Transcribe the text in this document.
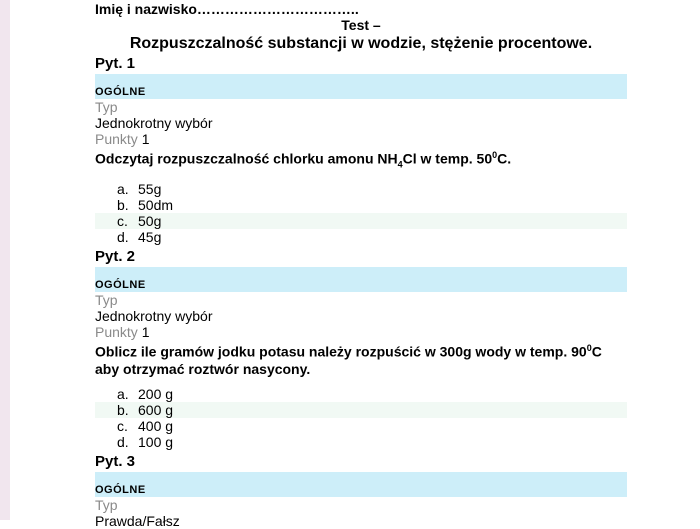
Imię i nazwisko……………………………..
Test –
Rozpuszczalność substancji w wodzie, stężenie procentowe.
Pyt. 1
OGÓLNE
Typ
Jednokrotny wybór
Punkty 1
Odczytaj rozpuszczalność chlorku amonu $NH_4Cl$ w temp. $50^0C$.
a. 55g
b. 50dm
c. 50g
d. 45g
Pyt. 2
OGÓLNE
Typ
Jednokrotny wybór
Punkty 1
Oblicz ile gramów jodku potasu należy rozpuścić w 300g wody w temp. $90^0C$
aby otrzymać roztwór nasycony.
a. 200 g
b. 600 g
c. 400 g
d. 100 g
Pyt. 3
OGÓLNE
Typ
Prawda/Fałsz
